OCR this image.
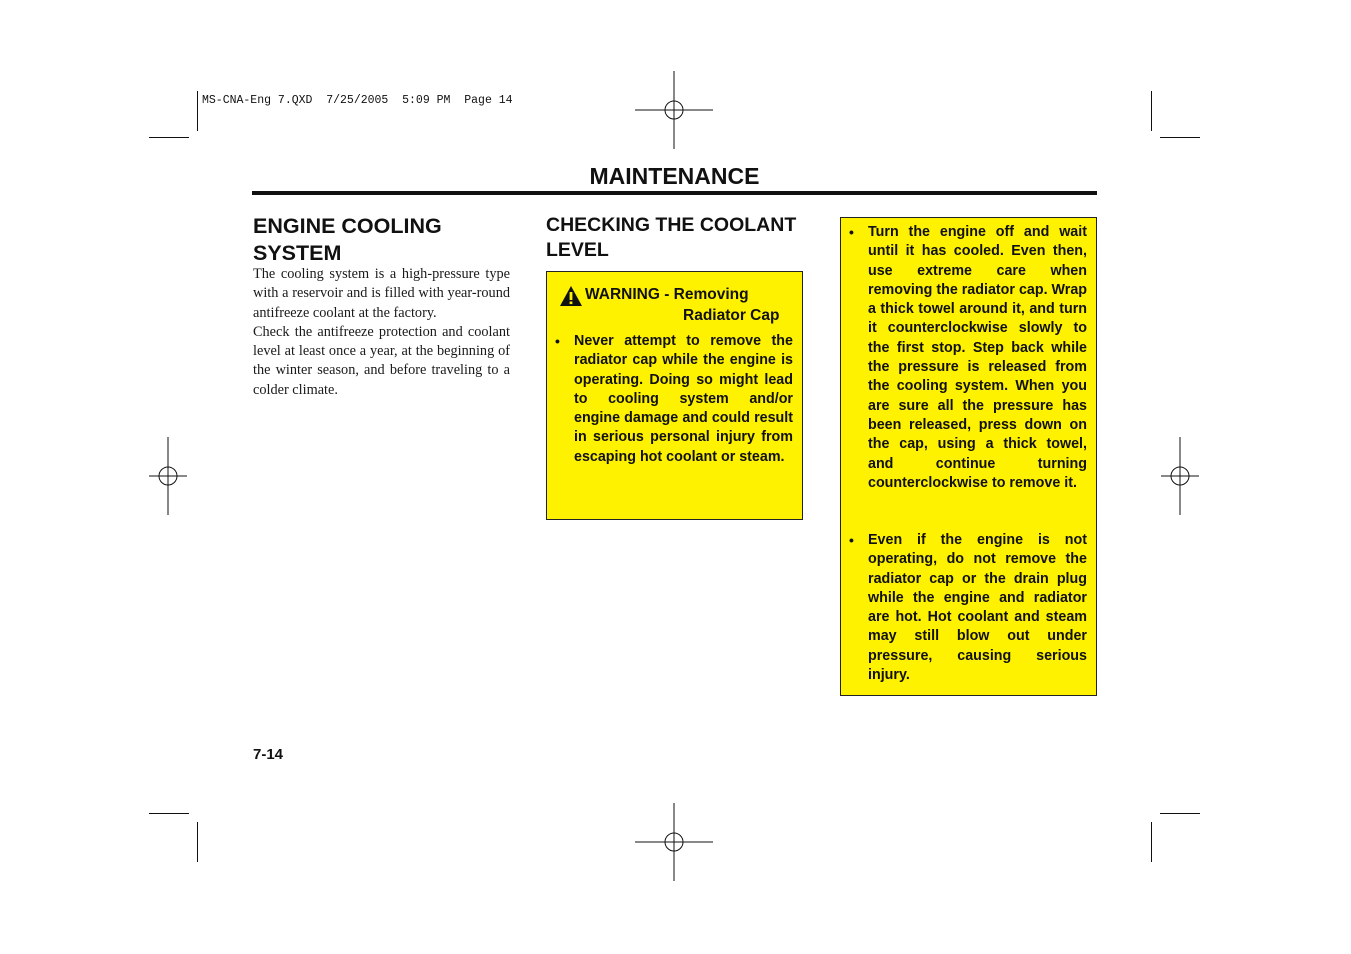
MS-CNA-Eng 7.QXD  7/25/2005  5:09 PM  Page 14
MAINTENANCE
ENGINE COOLING SYSTEM

The cooling system is a high-pressure type with a reservoir and is filled with year-round antifreeze coolant at the factory.

Check the antifreeze protection and coolant level at least once a year, at the beginning of the winter season, and before traveling to a colder climate.

CHECKING THE COOLANT LEVEL
WARNING - Removing
Radiator Cap
• Never attempt to remove the radiator cap while the engine is operating. Doing so might lead to cooling system and/or engine damage and could result in serious personal injury from escaping hot coolant or steam.
• Turn the engine off and wait until it has cooled. Even then, use extreme care when removing the radiator cap. Wrap a thick towel around it, and turn it counterclockwise slowly to the first stop. Step back while the pressure is released from the cooling system. When you are sure all the pressure has been released, press down on the cap, using a thick towel, and continue turning counterclockwise to remove it.
• Even if the engine is not operating, do not remove the radiator cap or the drain plug while the engine and radiator are hot. Hot coolant and steam may still blow out under pressure, causing serious injury.
7-14
